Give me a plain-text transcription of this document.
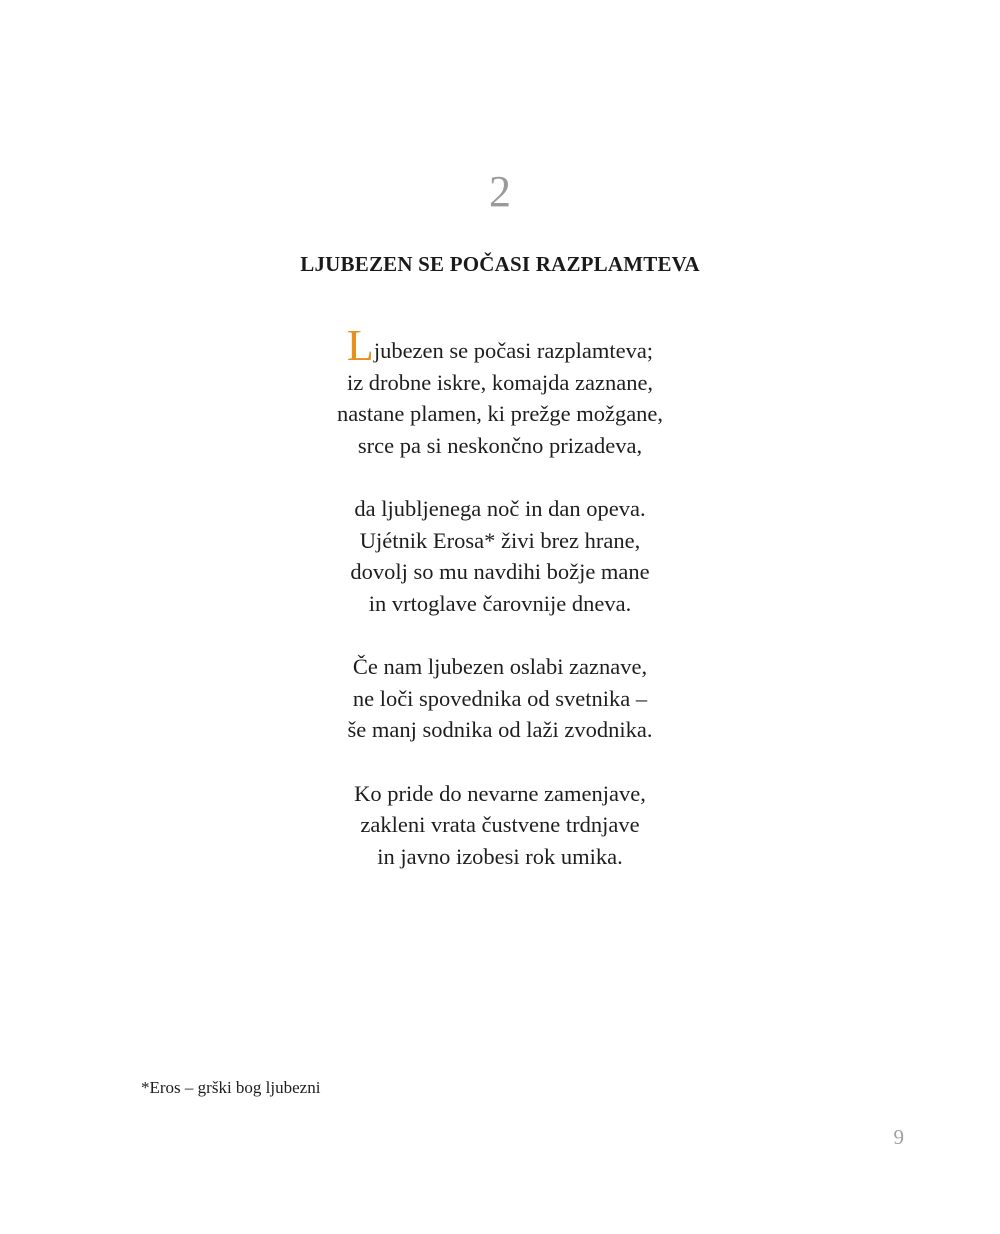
2
LJUBEZEN SE POČASI RAZPLAMTEVA
Ljubezen se počasi razplamteva;
iz drobne iskre, komajda zaznane,
nastane plamen, ki prežge možgane,
srce pa si neskončno prizadeva,
da ljubljenega noč in dan opeva.
Ujétnik Erosa* živi brez hrane,
dovolj so mu navdihi božje mane
in vrtoglave čarovnije dneva.
Če nam ljubezen oslabi zaznave,
ne loči spovednika od svetnika –
še manj sodnika od laži zvodnika.
Ko pride do nevarne zamenjave,
zakleni vrata čustvene trdnjave
in javno izobesi rok umika.
*Eros – grški bog ljubezni
9
